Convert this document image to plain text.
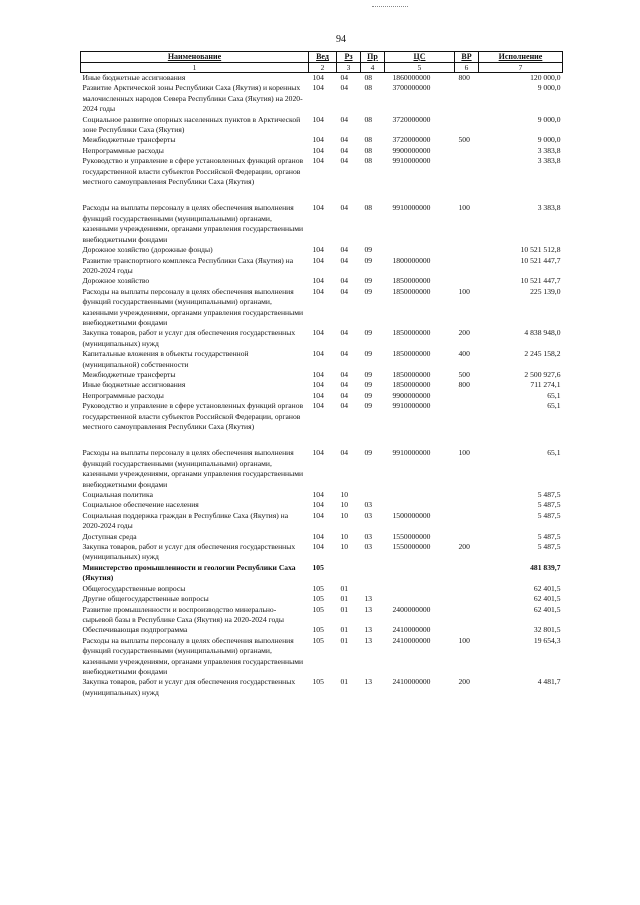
94
Наименование	Вед	Рз	Пр	ЦС	ВР	Исполнение
1	2	3	4	5	6	7
Иные бюджетные ассигнования	104	04	08	1860000000	800	120 000,0
Развитие Арктической зоны Республики Саха (Якутия) и коренных малочисленных народов Севера Республики Саха (Якутия) на 2020-2024 годы	104	04	08	3700000000		9 000,0
Социальное развитие опорных населенных пунктов в Арктической зоне Республики Саха (Якутия)	104	04	08	3720000000		9 000,0
Межбюджетные трансферты	104	04	08	3720000000	500	9 000,0
Непрограммные расходы	104	04	08	9900000000		3 383,8
Руководство и управление в сфере установленных функций органов государственной власти субъектов Российской Федерации, органов местного самоуправления Республики Саха (Якутия)	104	04	08	9910000000		3 383,8
Расходы на выплаты персоналу в целях обеспечения выполнения функций государственными (муниципальными) органами, казенными учреждениями, органами управления государственными внебюджетными фондами	104	04	08	9910000000	100	3 383,8
Дорожное хозяйство (дорожные фонды)	104	04	09			10 521 512,8
Развитие транспортного комплекса Республики Саха (Якутия) на 2020-2024 годы	104	04	09	1800000000		10 521 447,7
Дорожное хозяйство	104	04	09	1850000000		10 521 447,7
Расходы на выплаты персоналу в целях обеспечения выполнения функций государственными (муниципальными) органами, казенными учреждениями, органами управления государственными внебюджетными фондами	104	04	09	1850000000	100	225 139,0
Закупка товаров, работ и услуг для обеспечения государственных (муниципальных) нужд	104	04	09	1850000000	200	4 838 948,0
Капитальные вложения в объекты государственной (муниципальной) собственности	104	04	09	1850000000	400	2 245 158,2
Межбюджетные трансферты	104	04	09	1850000000	500	2 500 927,6
Иные бюджетные ассигнования	104	04	09	1850000000	800	711 274,1
Непрограммные расходы	104	04	09	9900000000		65,1
Руководство и управление в сфере установленных функций органов государственной власти субъектов Российской Федерации, органов местного самоуправления Республики Саха (Якутия)	104	04	09	9910000000		65,1
Расходы на выплаты персоналу в целях обеспечения выполнения функций государственными (муниципальными) органами, казенными учреждениями, органами управления государственными внебюджетными фондами	104	04	09	9910000000	100	65,1
Социальная политика	104	10				5 487,5
Социальное обеспечение населения	104	10	03			5 487,5
Социальная поддержка граждан в Республике Саха (Якутия) на 2020-2024 годы	104	10	03	1500000000		5 487,5
Доступная среда	104	10	03	1550000000		5 487,5
Закупка товаров, работ и услуг для обеспечения государственных (муниципальных) нужд	104	10	03	1550000000	200	5 487,5
Министерство промышленности и геологии Республики Саха (Якутия)	105					481 839,7
Общегосударственные вопросы	105	01				62 401,5
Другие общегосударственные вопросы	105	01	13			62 401,5
Развитие промышленности и воспроизводство минерально-сырьевой базы в Республике Саха (Якутия) на 2020-2024 годы	105	01	13	2400000000		62 401,5
Обеспечивающая подпрограмма	105	01	13	2410000000		32 801,5
Расходы на выплаты персоналу в целях обеспечения выполнения функций государственными (муниципальными) органами, казенными учреждениями, органами управления государственными внебюджетными фондами	105	01	13	2410000000	100	19 654,3
Закупка товаров, работ и услуг для обеспечения государственных (муниципальных) нужд	105	01	13	2410000000	200	4 481,7
